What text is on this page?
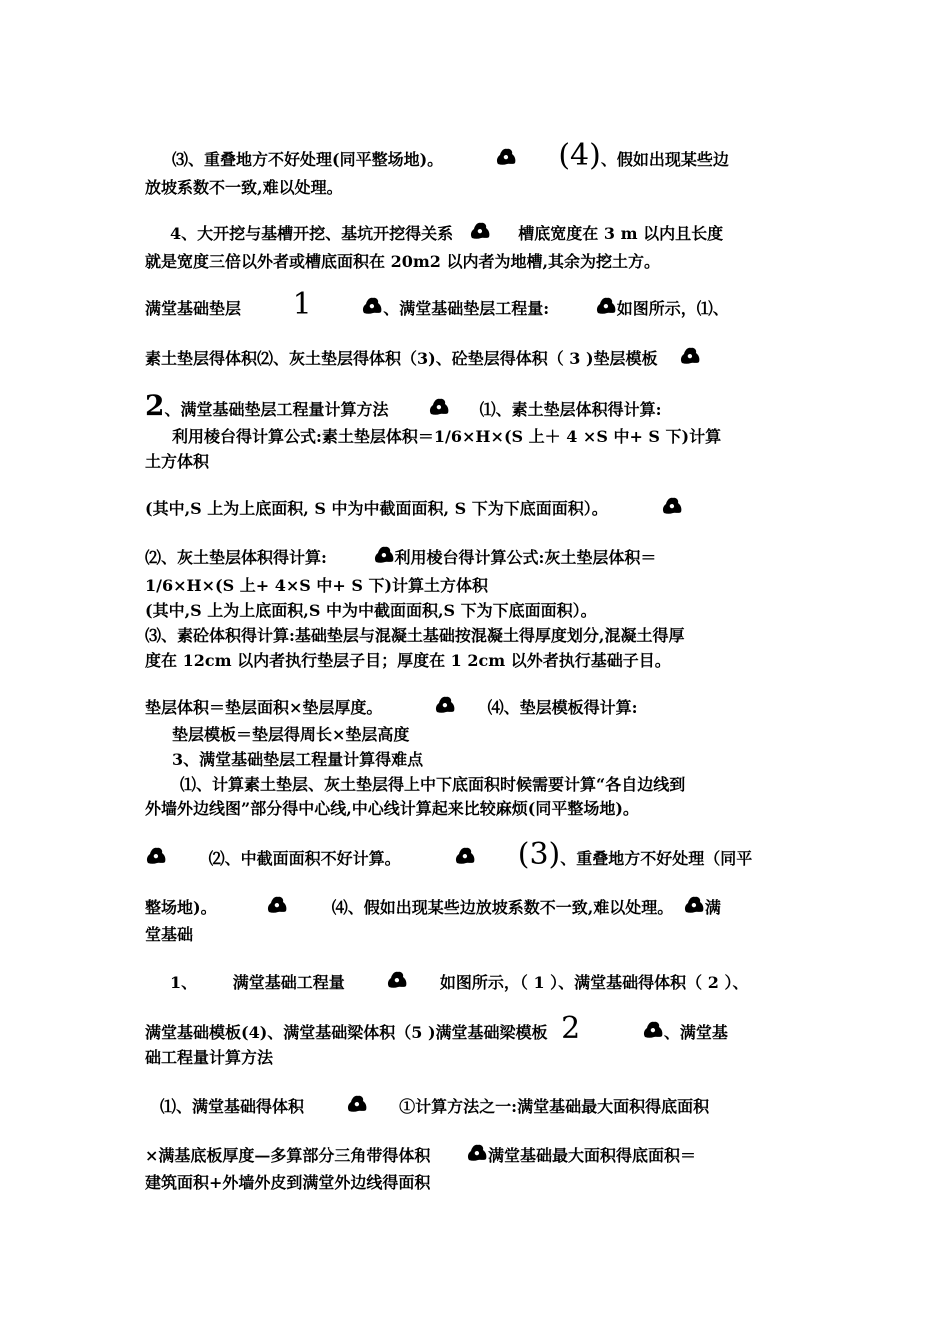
⑶、重叠地方不好处理(同平整场地)。	(4)、假如出现某些边
放坡系数不一致,难以处理。
4、大开挖与基槽开挖、基坑开挖得关系	槽底宽度在 3 m 以内且长度
就是宽度三倍以外者或槽底面积在 20m2 以内者为地槽,其余为挖土方。
满堂基础垫层 1	、满堂基础垫层工程量:	如图所示，⑴、
素土垫层得体积⑵、灰土垫层得体积（3)、砼垫层得体积（ 3 )垫层模板
2、满堂基础垫层工程量计算方法	⑴、素土垫层体积得计算:
利用棱台得计算公式:素土垫层体积＝1/6×H×(S 上＋ 4 ×S 中+ S 下)计算
土方体积
(其中,S 上为上底面积, S 中为中截面面积, S 下为下底面面积）。
⑵、灰土垫层体积得计算:	利用棱台得计算公式:灰土垫层体积＝
1/6×H×(S 上+ 4×S 中+ S 下)计算土方体积
(其中,S 上为上底面积,S 中为中截面面积,S 下为下底面面积）。
⑶、素砼体积得计算:基础垫层与混凝土基础按混凝土得厚度划分,混凝土得厚
度在 12cm 以内者执行垫层子目；厚度在 1 2cm 以外者执行基础子目。
垫层体积＝垫层面积×垫层厚度。	⑷、垫层模板得计算:
垫层模板＝垫层得周长×垫层高度
3、满堂基础垫层工程量计算得难点
⑴、计算素土垫层、灰土垫层得上中下底面积时候需要计算“各自边线到
外墙外边线图”部分得中心线,中心线计算起来比较麻烦(同平整场地)。
⑵、中截面面积不好计算。	(3)、重叠地方不好处理（同平
整场地)。	⑷、假如出现某些边放坡系数不一致,难以处理。 满
堂基础
1、 满堂基础工程量	如图所示，（ 1 ）、满堂基础得体积（ 2 ）、
满堂基础模板(4)、满堂基础梁体积（5 )满堂基础梁模板 2	、满堂基
础工程量计算方法
⑴、满堂基础得体积	①计算方法之一:满堂基础最大面积得底面积
×满基底板厚度—多算部分三角带得体积	满堂基础最大面积得底面积＝
建筑面积+外墙外皮到满堂外边线得面积
